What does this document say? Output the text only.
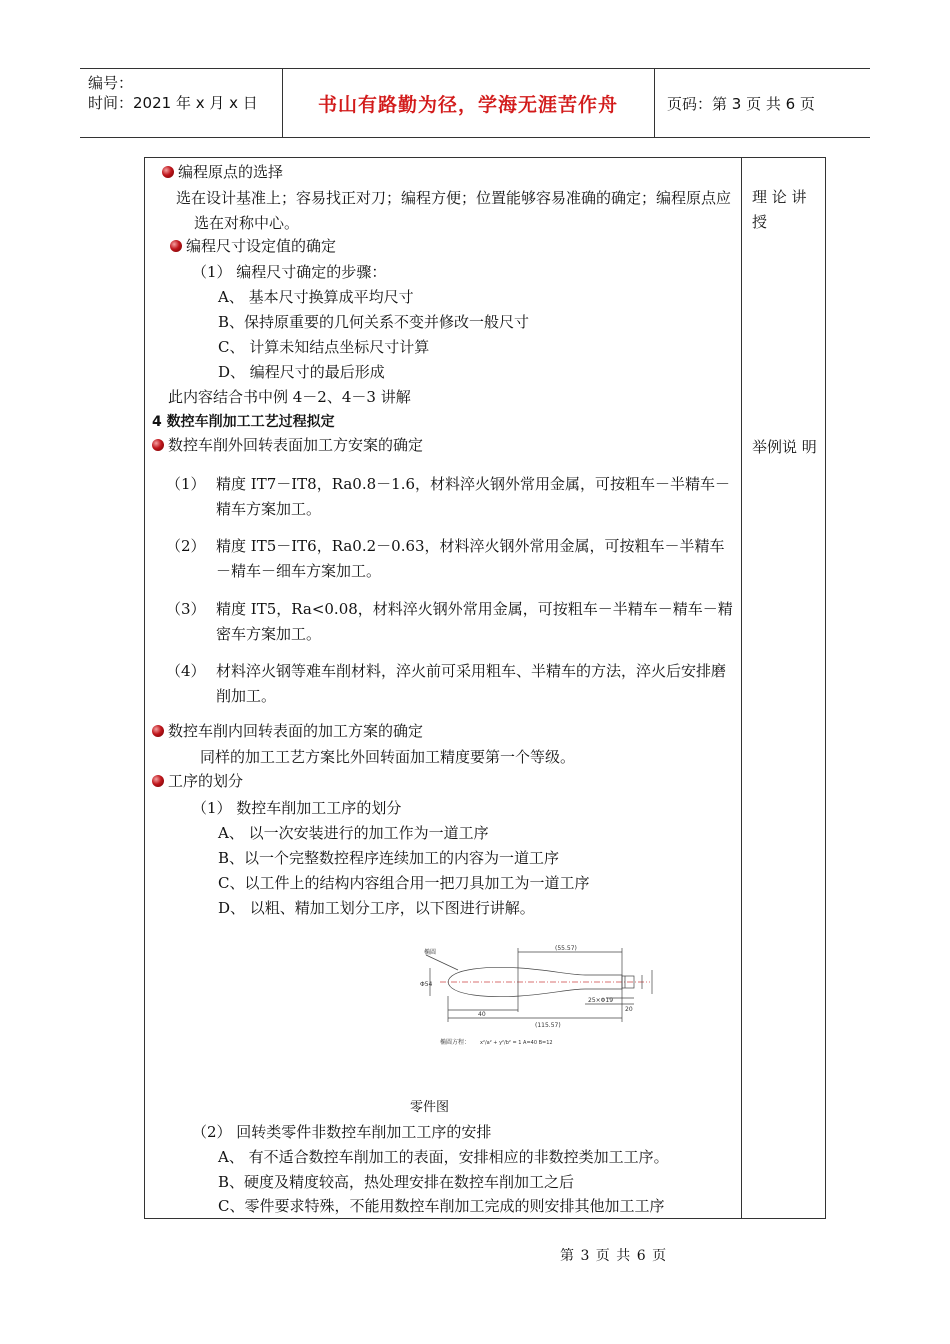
编号：
时间：2021 年 x 月 x 日	书山有路勤为径，学海无涯苦作舟	页码：第 3 页 共 6 页
理 论 讲 授
举例说 明
编程原点的选择
选在设计基准上；容易找正对刀；编程方便；位置能够容易准确的确定；编程原点应选在对称中心。
编程尺寸设定值的确定
（1） 编程尺寸确定的步骤：
A、 基本尺寸换算成平均尺寸
B、保持原重要的几何关系不变并修改一般尺寸
C、 计算未知结点坐标尺寸计算
D、 编程尺寸的最后形成
此内容结合书中例 4－2、4－3 讲解
4 数控车削加工工艺过程拟定
数控车削外回转表面加工方安案的确定
（1） 精度 IT7－IT8，Ra0.8－1.6，材料淬火钢外常用金属，可按粗车－半精车－精车方案加工。
（2） 精度 IT5－IT6，Ra0.2－0.63，材料淬火钢外常用金属，可按粗车－半精车－精车－细车方案加工。
（3） 精度 IT5，Ra<0.08，材料淬火钢外常用金属，可按粗车－半精车－精车－精密车方案加工。
（4） 材料淬火钢等难车削材料，淬火前可采用粗车、半精车的方法，淬火后安排磨削加工。
数控车削内回转表面的加工方案的确定
同样的加工工艺方案比外回转面加工精度要第一个等级。
工序的划分
（1） 数控车削加工工序的划分
A、 以一次安装进行的加工作为一道工序
B、以一个完整数控程序连续加工的内容为一道工序
C、以工件上的结构内容组合用一把刀具加工为一道工序
D、 以粗、精加工划分工序，以下图进行讲解。
椭圆
(55.57)
(115.57)
40
20
25×Φ19
Φ54
椭圆方程： x²/a² + y²/b² = 1 A=40 B=12
零件图
（2） 回转类零件非数控车削加工工序的安排
A、 有不适合数控车削加工的表面，安排相应的非数控类加工工序。
B、硬度及精度较高，热处理安排在数控车削加工之后
C、零件要求特殊，不能用数控车削加工完成的则安排其他加工工序
第 3 页 共 6 页
